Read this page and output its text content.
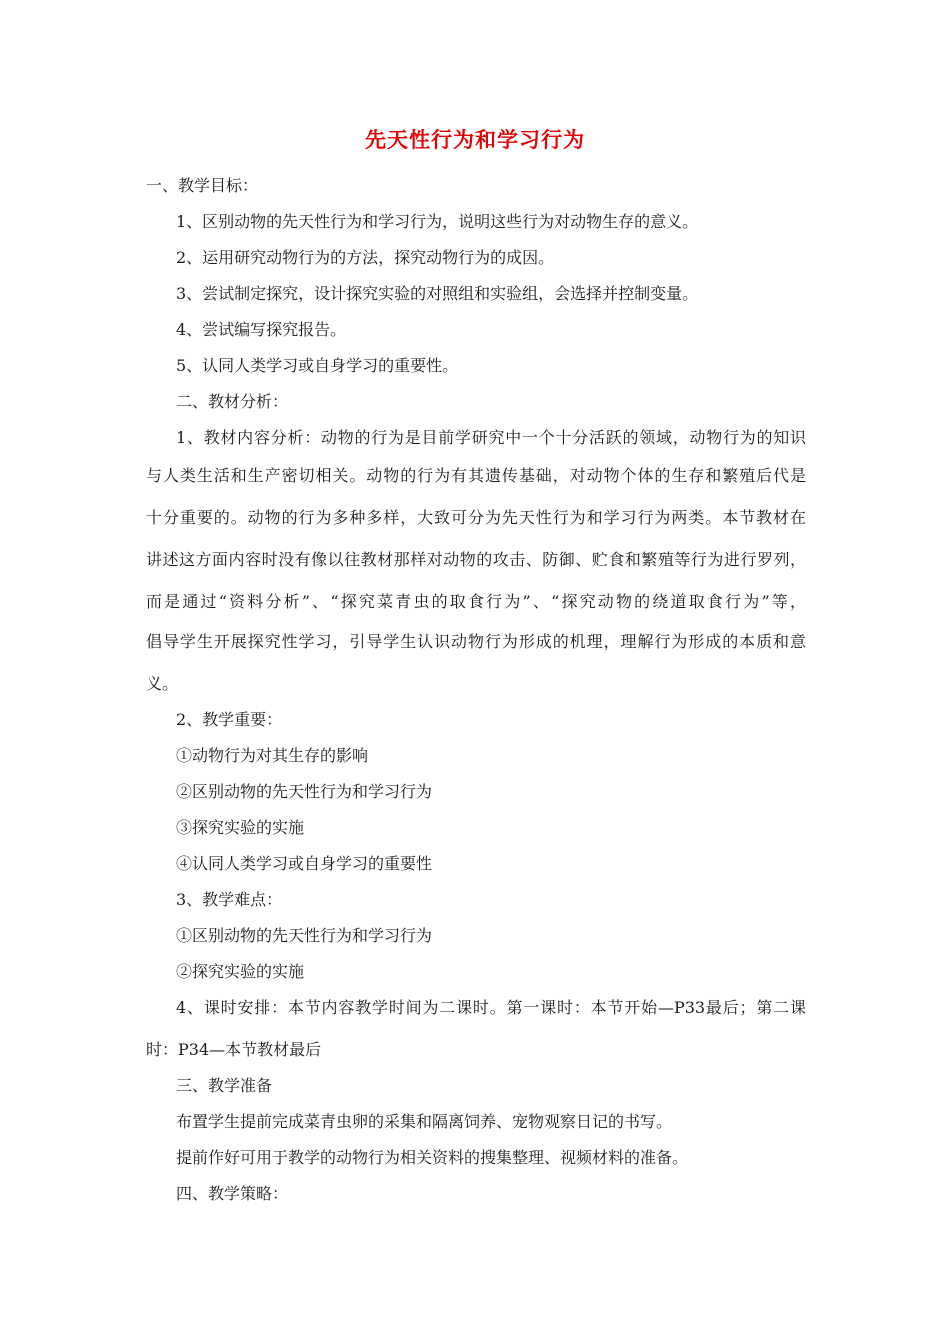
先天性行为和学习行为
一、教学目标：
1、区别动物的先天性行为和学习行为，说明这些行为对动物生存的意义。
2、运用研究动物行为的方法，探究动物行为的成因。
3、尝试制定探究，设计探究实验的对照组和实验组，会选择并控制变量。
4、尝试编写探究报告。
5、认同人类学习或自身学习的重要性。
二、教材分析：
1、教材内容分析：动物的行为是目前学研究中一个十分活跃的领域，动物行为的知识
与人类生活和生产密切相关。动物的行为有其遗传基础，对动物个体的生存和繁殖后代是
十分重要的。动物的行为多种多样，大致可分为先天性行为和学习行为两类。本节教材在
讲述这方面内容时没有像以往教材那样对动物的攻击、防御、贮食和繁殖等行为进行罗列，
而是通过“资料分析”、“探究菜青虫的取食行为”、“探究动物的绕道取食行为”等，
倡导学生开展探究性学习，引导学生认识动物行为形成的机理，理解行为形成的本质和意
义。
2、教学重要：
①动物行为对其生存的影响
②区别动物的先天性行为和学习行为
③探究实验的实施
④认同人类学习或自身学习的重要性
3、教学难点：
①区别动物的先天性行为和学习行为
②探究实验的实施
4、课时安排：本节内容教学时间为二课时。第一课时：本节开始—P33最后；第二课
时：P34—本节教材最后
三、教学准备
布置学生提前完成菜青虫卵的采集和隔离饲养、宠物观察日记的书写。
提前作好可用于教学的动物行为相关资料的搜集整理、视频材料的准备。
四、教学策略：
